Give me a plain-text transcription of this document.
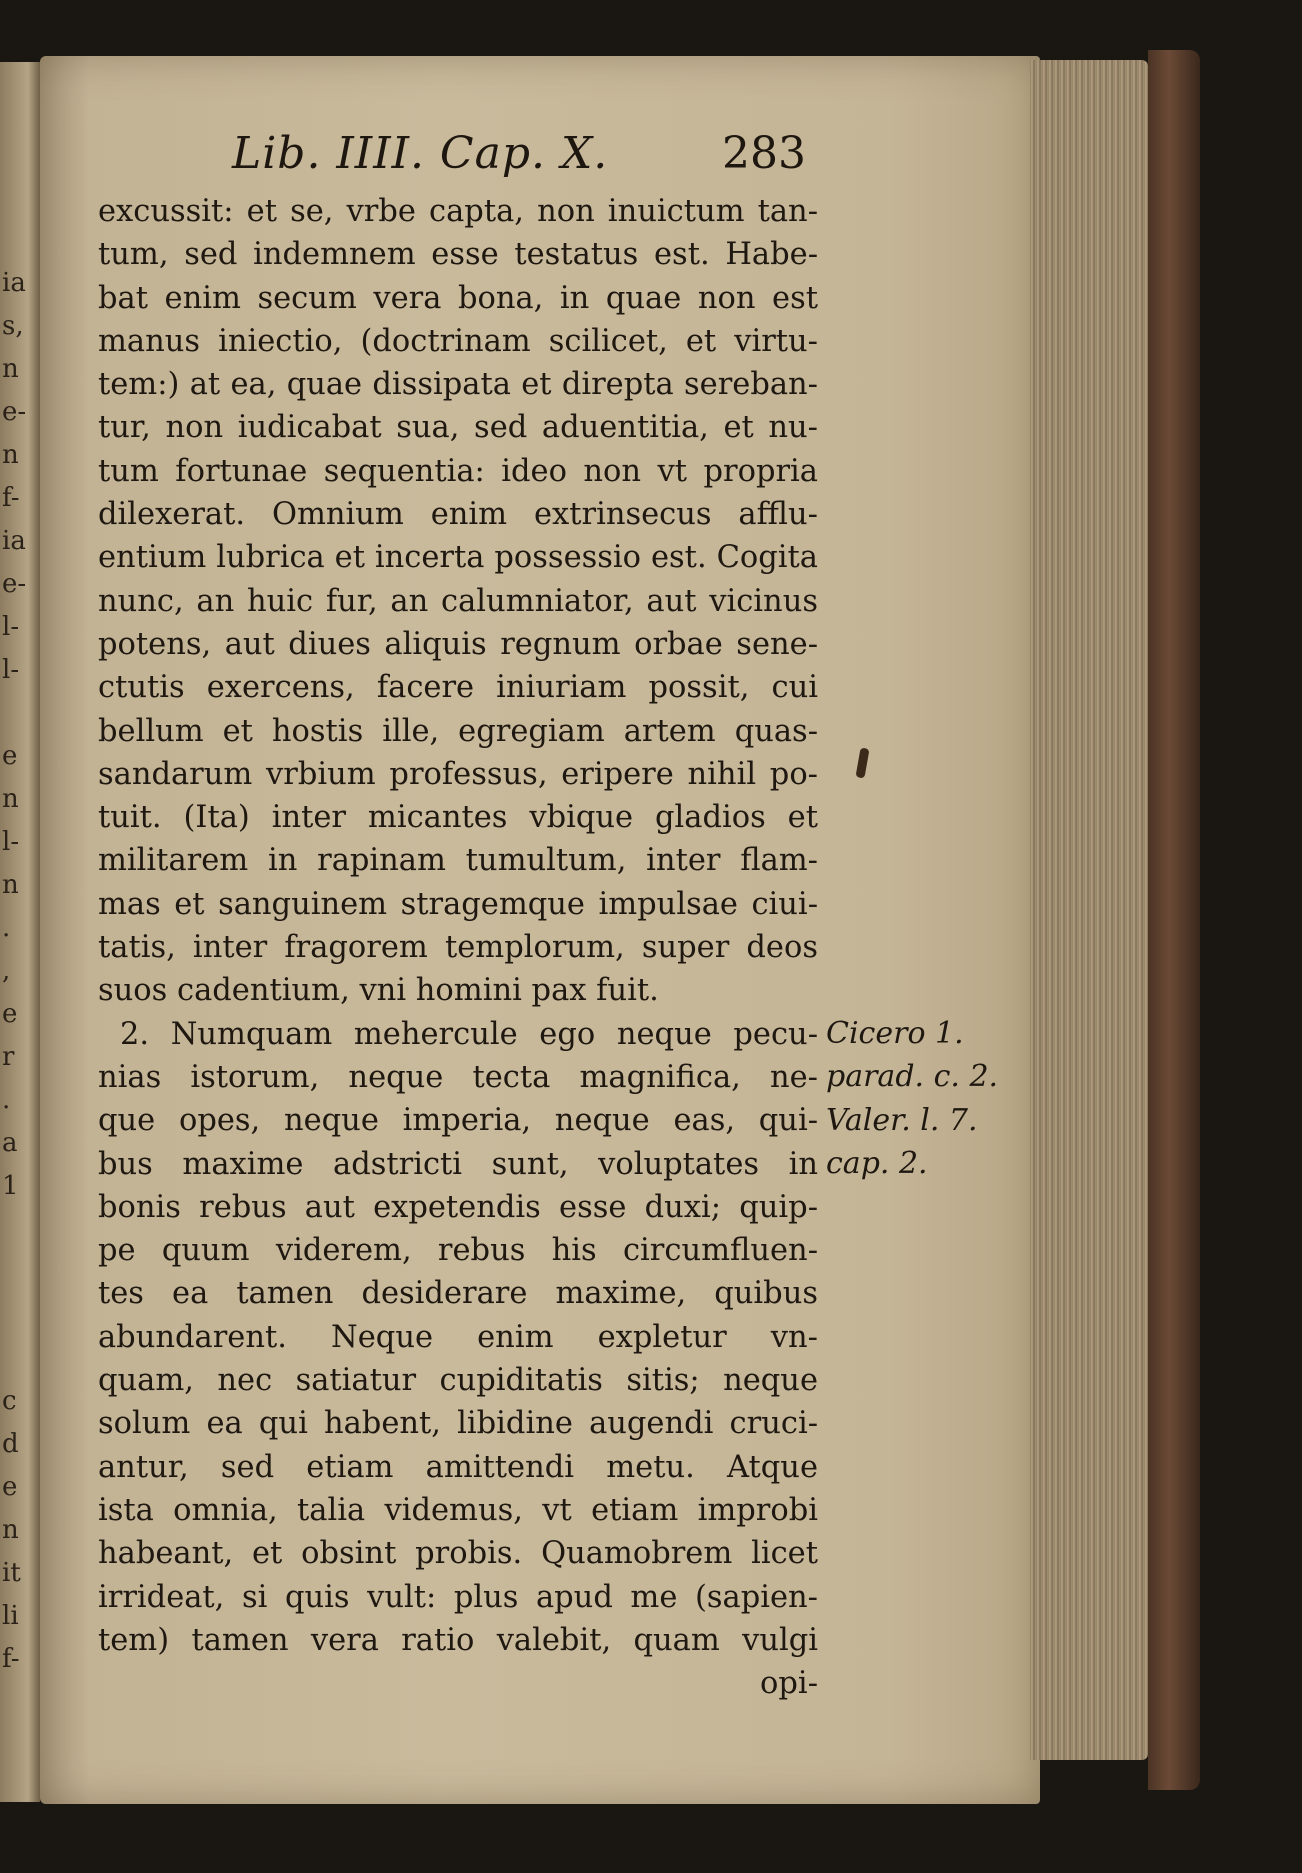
ia
s,
n
e-
n
f-
ia
e-
l-
l-
e
n
l-
n
.
,
e
r
.
a
1
c
d
e
n
it
li
f-
Lib. IIII. Cap. X.	283
excussit: et se, vrbe capta, non inuictum tan-
tum, sed indemnem esse testatus est. Habe-
bat enim secum vera bona, in quae non est
manus iniectio, (doctrinam scilicet, et virtu-
tem:) at ea, quae dissipata et direpta sereban-
tur, non iudicabat sua, sed aduentitia, et nu-
tum fortunae sequentia: ideo non vt propria
dilexerat. Omnium enim extrinsecus afflu-
entium lubrica et incerta possessio est. Cogita
nunc, an huic fur, an calumniator, aut vicinus
potens, aut diues aliquis regnum orbae sene-
ctutis exercens, facere iniuriam possit, cui
bellum et hostis ille, egregiam artem quas-
sandarum vrbium professus, eripere nihil po-
tuit. (Ita) inter micantes vbique gladios et
militarem in rapinam tumultum, inter flam-
mas et sanguinem stragemque impulsae ciui-
tatis, inter fragorem templorum, super deos
suos cadentium, vni homini pax fuit.
2. Numquam mehercule ego neque pecu-
nias istorum, neque tecta magnifica, ne-
que opes, neque imperia, neque eas, qui-
bus maxime adstricti sunt, voluptates in
bonis rebus aut expetendis esse duxi; quip-
pe quum viderem, rebus his circumfluen-
tes ea tamen desiderare maxime, quibus
abundarent. Neque enim expletur vn-
quam, nec satiatur cupiditatis sitis; neque
solum ea qui habent, libidine augendi cruci-
antur, sed etiam amittendi metu. Atque
ista omnia, talia videmus, vt etiam improbi
habeant, et obsint probis. Quamobrem licet
irrideat, si quis vult: plus apud me (sapien-
tem) tamen vera ratio valebit, quam vulgi
opi-
Cicero 1.
parad. c. 2.
Valer. l. 7.
cap. 2.
